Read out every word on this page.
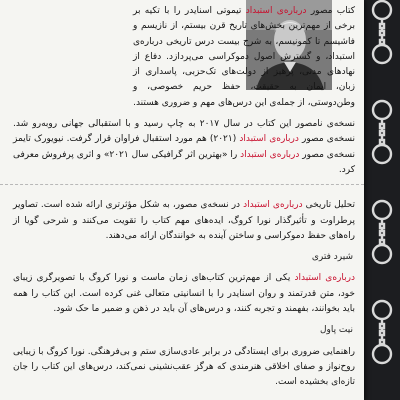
کتاب مصور درباره‌ی استبداد تیموتی اسنایدر را با تکیه بر برخی از مهم‌ترین بخش‌های تاریخ قرن بیستم، از نازیسم و فاشیسم تا کمونیسم، به شرح بیست درس تاریخی درباره‌ی استبداد، و گسترش اصول دموکراسی می‌پردازد. دفاع از نهادهای مدنی، پرهیز از دولت‌های تک‌حزبی، پاسداری از زبان، ایمان به حقیقت، حفظ حریم خصوصی، و وطن‌دوستی، از جمله‌ی این درس‌های مهم و ضروری هستند.

نسخه‌ی نامصور این کتاب در سال ۲۰۱۷ به چاپ رسید و با استقبالی جهانی روبه‌رو شد. نسخه‌ی مصور درباره‌ی استبداد (۲۰۲۱) هم مورد استقبال فراوان قرار گرفت. نیویورک تایمز نسخه‌ی مصور درباره‌ی استبداد را «بهترین اثر گرافیکی سال ۲۰۲۱» و اثری پرفروش معرفی کرد.

تحلیل تاریخی درباره‌ی استبداد در نسخه‌ی مصور، به شکل مؤثرتری ارائه شده است. تصاویر پرطراوت و تأثیرگذار نورا کروگ، ایده‌های مهم کتاب را تقویت می‌کنند و شرحی گویا از راه‌های حفظ دموکراسی و ساختن آینده به خوانندگان ارائه می‌دهند.

شیرد فتری

درباره‌ی استبداد یکی از مهم‌ترین کتاب‌های زمان ماست و نورا کروگ با تصویرگری زیبای خود، متن قدرتمند و روان اسنایدر را با انسانیتی متعالی غنی کرده است. این کتاب را همه باید بخوانند، بفهمند و تجربه کنند، و درس‌های آن باید در ذهن و ضمیر ما حک شود.

نیت پاول

راهنمایی ضروری برای ایستادگی در برابر عادی‌سازی ستم و بی‌فرهنگی. نورا کروگ با زیبایی روح‌نواز و صفای اخلاقی هنرمندی که هرگز عقب‌نشینی نمی‌کند، درس‌های این کتاب را جان تازه‌ای بخشیده است.
